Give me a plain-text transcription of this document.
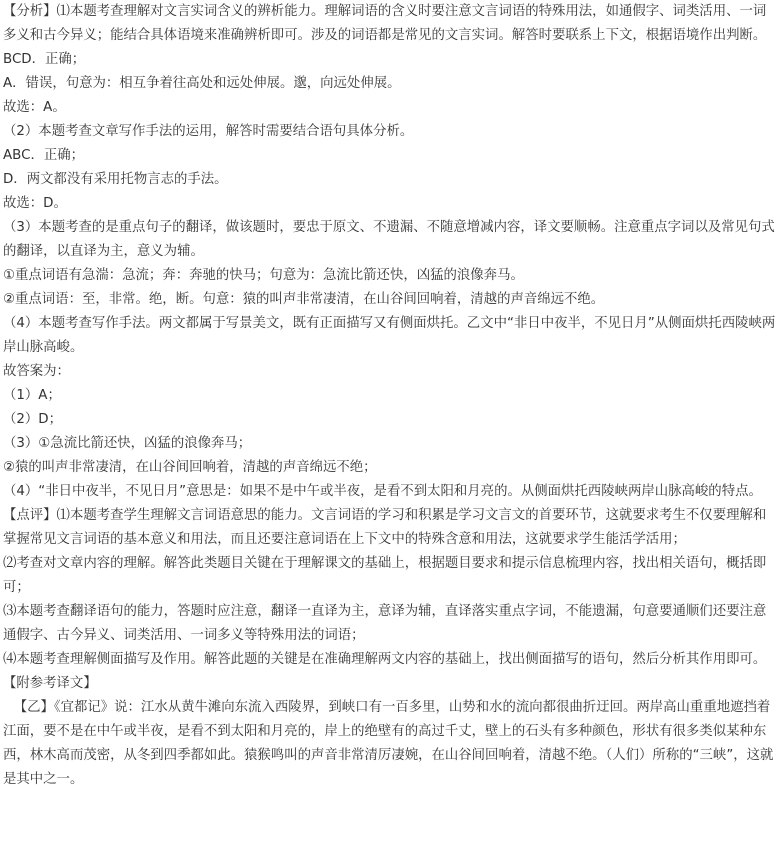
【分析】⑴本题考查理解对文言实词含义的辨析能力。理解词语的含义时要注意文言词语的特殊用法，如通假字、词类活用、一词多义和古今异义；能结合具体语境来准确辨析即可。涉及的词语都是常见的文言实词。解答时要联系上下文，根据语境作出判断。

BCD．正确；

A．错误，句意为：相互争着往高处和远处伸展。邈，向远处伸展。

故选：A。

（2）本题考查文章写作手法的运用，解答时需要结合语句具体分析。

ABC．正确；

D．两文都没有采用托物言志的手法。

故选：D。

（3）本题考查的是重点句子的翻译，做该题时，要忠于原文、不遗漏、不随意增减内容，译文要顺畅。注意重点字词以及常见句式的翻译，以直译为主，意义为辅。

①重点词语有急湍：急流；奔：奔驰的快马；句意为：急流比箭还快，凶猛的浪像奔马。

②重点词语：至，非常。绝，断。句意：猿的叫声非常凄清，在山谷间回响着，清越的声音绵远不绝。

（4）本题考查写作手法。两文都属于写景美文，既有正面描写又有侧面烘托。乙文中“非日中夜半，不见日月”从侧面烘托西陵峡两岸山脉高峻。

故答案为：

（1）A；

（2）D；

（3）①急流比箭还快，凶猛的浪像奔马；

②猿的叫声非常凄清，在山谷间回响着，清越的声音绵远不绝；

（4）“非日中夜半，不见日月”意思是：如果不是中午或半夜，是看不到太阳和月亮的。从侧面烘托西陵峡两岸山脉高峻的特点。

【点评】⑴本题考查学生理解文言词语意思的能力。文言词语的学习和积累是学习文言文的首要环节，这就要求考生不仅要理解和掌握常见文言词语的基本意义和用法，而且还要注意词语在上下文中的特殊含意和用法，这就要求学生能活学活用；

⑵考查对文章内容的理解。解答此类题目关键在于理解课文的基础上，根据题目要求和提示信息梳理内容，找出相关语句，概括即可；

⑶本题考查翻译语句的能力，答题时应注意，翻译一直译为主，意译为辅，直译落实重点字词，不能遗漏，句意要通顺们还要注意通假字、古今异义、词类活用、一词多义等特殊用法的词语；

⑷本题考查理解侧面描写及作用。解答此题的关键是在准确理解两文内容的基础上，找出侧面描写的语句，然后分析其作用即可。

【附参考译文】

【乙】《宜都记》说：江水从黄牛滩向东流入西陵界，到峡口有一百多里，山势和水的流向都很曲折迂回。两岸高山重重地遮挡着江面，要不是在中午或半夜，是看不到太阳和月亮的，岸上的绝壁有的高过千丈，壁上的石头有多种颜色，形状有很多类似某种东西，林木高而茂密，从冬到四季都如此。猿猴鸣叫的声音非常清厉凄婉，在山谷间回响着，清越不绝。（人们）所称的“三峡”，这就是其中之一。
